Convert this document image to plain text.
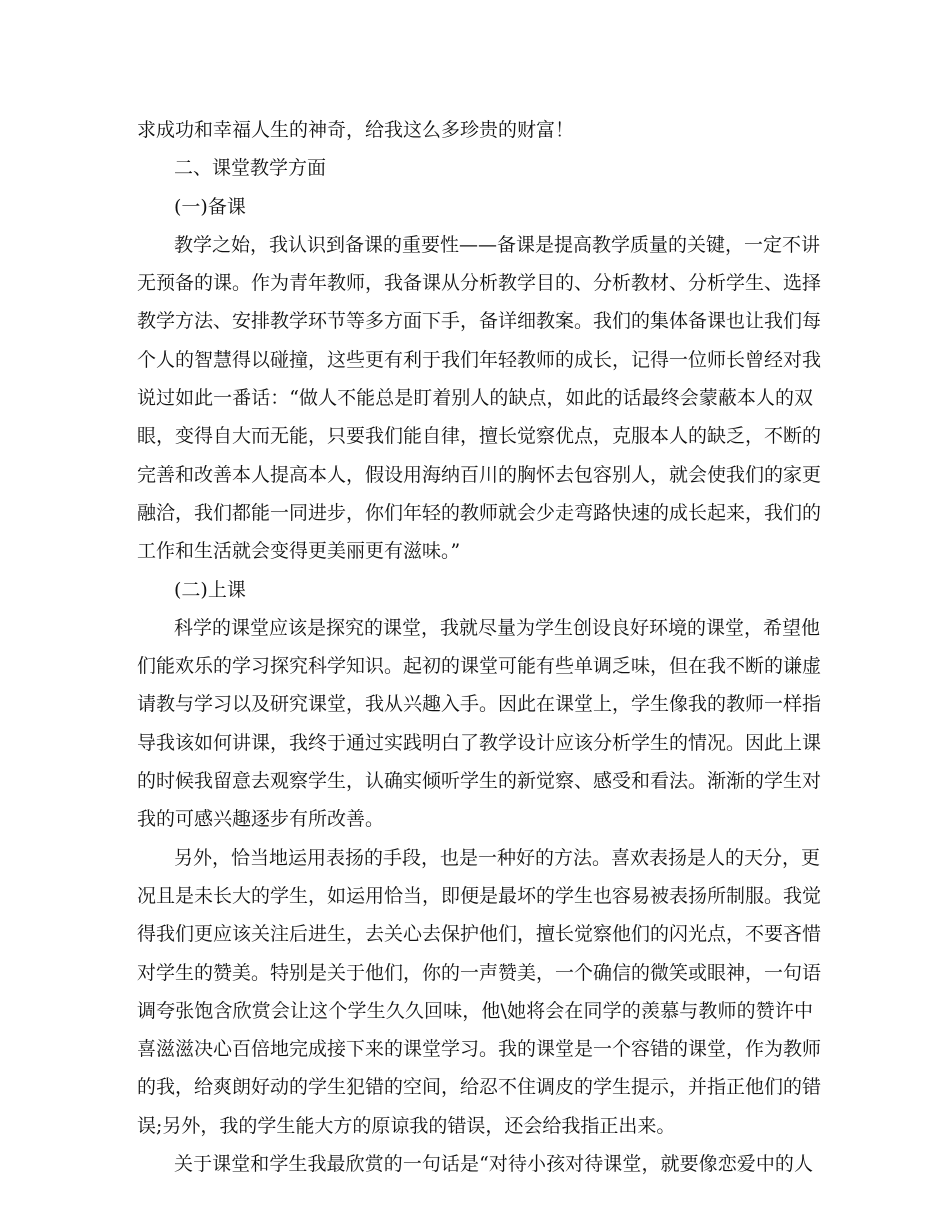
求成功和幸福人生的神奇，给我这么多珍贵的财富！
二、课堂教学方面
(一)备课
教学之始，我认识到备课的重要性——备课是提高教学质量的关键，一定不讲
无预备的课。作为青年教师，我备课从分析教学目的、分析教材、分析学生、选择
教学方法、安排教学环节等多方面下手，备详细教案。我们的集体备课也让我们每
个人的智慧得以碰撞，这些更有利于我们年轻教师的成长，记得一位师长曾经对我
说过如此一番话：“做人不能总是盯着别人的缺点，如此的话最终会蒙蔽本人的双
眼，变得自大而无能，只要我们能自律，擅长觉察优点，克服本人的缺乏，不断的
完善和改善本人提高本人，假设用海纳百川的胸怀去包容别人，就会使我们的家更
融洽，我们都能一同进步，你们年轻的教师就会少走弯路快速的成长起来，我们的
工作和生活就会变得更美丽更有滋味。”
(二)上课
科学的课堂应该是探究的课堂，我就尽量为学生创设良好环境的课堂，希望他
们能欢乐的学习探究科学知识。起初的课堂可能有些单调乏味，但在我不断的谦虚
请教与学习以及研究课堂，我从兴趣入手。因此在课堂上，学生像我的教师一样指
导我该如何讲课，我终于通过实践明白了教学设计应该分析学生的情况。因此上课
的时候我留意去观察学生，认确实倾听学生的新觉察、感受和看法。渐渐的学生对
我的可感兴趣逐步有所改善。
另外，恰当地运用表扬的手段，也是一种好的方法。喜欢表扬是人的天分，更
况且是未长大的学生，如运用恰当，即便是最坏的学生也容易被表扬所制服。我觉
得我们更应该关注后进生，去关心去保护他们，擅长觉察他们的闪光点，不要吝惜
对学生的赞美。特别是关于他们，你的一声赞美，一个确信的微笑或眼神，一句语
调夸张饱含欣赏会让这个学生久久回味，他\她将会在同学的羡慕与教师的赞许中
喜滋滋决心百倍地完成接下来的课堂学习。我的课堂是一个容错的课堂，作为教师
的我，给爽朗好动的学生犯错的空间，给忍不住调皮的学生提示，并指正他们的错
误;另外，我的学生能大方的原谅我的错误，还会给我指正出来。
关于课堂和学生我最欣赏的一句话是“对待小孩对待课堂，就要像恋爱中的人
